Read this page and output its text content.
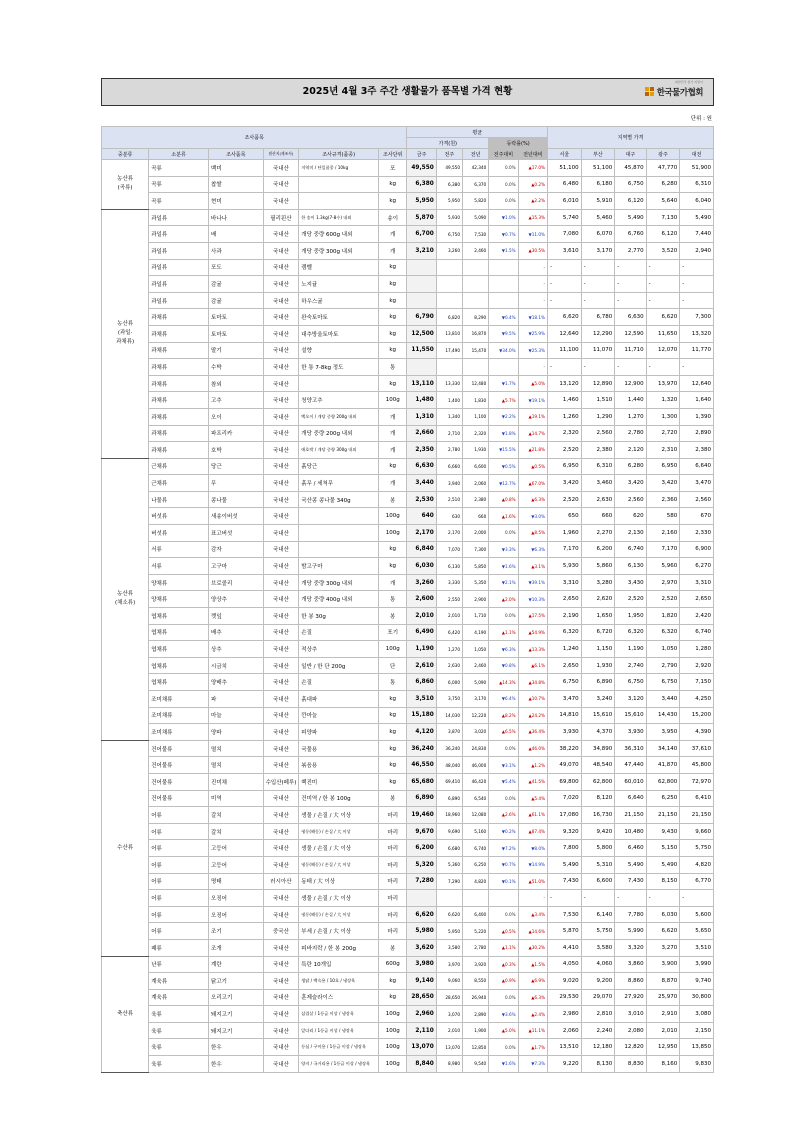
2025년 4월 3주 주간 생활물가 품목별 가격 현황	한국물가협회
대한민국 물가 지킴이
단위 : 원
조사품목						평균					지역별 가격				
						가격(원)			등락률(%)						
중분류	소분류	조사품목	원산지(제조사)	조사규격(품종)	조사단위	금주	전주	전년	전주대비	전년대비	서울	부산	대구	광주	대전
농산류
(곡류)	곡류	백미	국내산	지역미 / 단일품종 / 10kg	포	49,550	49,550	42,340	0.0%	▲17.0%	51,100	51,100	45,870	47,770	51,900
	곡류	찹쌀	국내산		kg	6,380	6,380	6,370	0.0%	▲0.2%	6,480	6,180	6,750	6,280	6,310
	곡류	현미	국내산		kg	5,950	5,950	5,820	0.0%	▲2.2%	6,010	5,910	6,120	5,640	6,040
농산류
(과일·
과채류)	과일류	바나나	필리핀산	한 송이 1.3kg(7-8수) 내외	송이	5,870	5,930	5,090	▼1.0%	▲15.3%	5,740	5,460	5,490	7,130	5,490
	과일류	배	국내산	개당 중량 600g 내외	개	6,700	6,750	7,530	▼0.7%	▼11.0%	7,080	6,070	6,760	6,120	7,440
	과일류	사과	국내산	개당 중량 300g 내외	개	3,210	3,260	2,460	▼1.5%	▲30.5%	3,610	3,170	2,770	3,520	2,940
	과일류	포도	국내산	캠벨	kg					-	-	-	-	-	-
	과일류	감귤	국내산	노지귤	kg					-	-	-	-	-	-
	과일류	감귤	국내산	하우스귤	kg					-	-	-	-	-	-
	과채류	토마토	국내산	완숙토마토	kg	6,790	6,820	8,290	▼0.4%	▼18.1%	6,620	6,780	6,630	6,620	7,300
	과채류	토마토	국내산	대추방울토마토	kg	12,500	13,810	16,870	▼9.5%	▼25.9%	12,640	12,290	12,590	11,650	13,320
	과채류	딸기	국내산	설향	kg	11,550	17,490	15,470	▼34.0%	▼25.3%	11,100	11,070	11,710	12,070	11,770
	과채류	수박	국내산	한 통 7-8kg 정도	통					-	-	-	-	-	-
	과채류	참외	국내산		kg	13,110	13,330	12,480	▼1.7%	▲5.0%	13,120	12,890	12,900	13,970	12,640
	과채류	고추	국내산	청양고추	100g	1,480	1,400	1,830	▲5.7%	▼19.1%	1,460	1,510	1,440	1,320	1,640
	과채류	오이	국내산	백오이 / 개당 중량 200g 내외	개	1,310	1,340	1,100	▼2.2%	▲19.1%	1,260	1,290	1,270	1,300	1,390
	과채류	파프리카	국내산	개당 중량 200g 내외	개	2,660	2,710	2,320	▼1.8%	▲14.7%	2,320	2,560	2,780	2,720	2,890
	과채류	호박	국내산	애호박 / 개당 중량 300g 내외	개	2,350	2,780	1,930	▼15.5%	▲21.8%	2,520	2,380	2,120	2,310	2,380
농산류
(채소류)	근채류	당근	국내산	흙당근	kg	6,630	6,660	6,600	▼0.5%	▲0.5%	6,950	6,310	6,280	6,950	6,640
	근채류	무	국내산	흙무 / 세척무	개	3,440	3,940	2,060	▼12.7%	▲67.0%	3,420	3,460	3,420	3,420	3,470
	나물류	콩나물	국내산	국산콩 콩나물 340g	봉	2,530	2,510	2,380	▲0.8%	▲6.3%	2,520	2,630	2,560	2,360	2,560
	버섯류	새송이버섯	국내산		100g	640	630	660	▲1.6%	▼3.0%	650	660	620	580	670
	버섯류	표고버섯	국내산		100g	2,170	2,170	2,000	0.0%	▲8.5%	1,960	2,270	2,130	2,160	2,330
	서류	감자	국내산		kg	6,840	7,070	7,300	▼3.3%	▼6.3%	7,170	6,200	6,740	7,170	6,900
	서류	고구마	국내산	밤고구마	kg	6,030	6,130	5,850	▼1.6%	▲3.1%	5,930	5,860	6,130	5,960	6,270
	양채류	브로콜리	국내산	개당 중량 300g 내외	개	3,260	3,330	5,350	▼2.1%	▼39.1%	3,310	3,280	3,430	2,970	3,310
	양채류	양상추	국내산	개당 중량 400g 내외	통	2,600	2,550	2,900	▲2.0%	▼10.3%	2,650	2,620	2,520	2,520	2,650
	엽채류	깻잎	국내산	한 봉 30g	봉	2,010	2,010	1,710	0.0%	▲17.5%	2,190	1,650	1,950	1,820	2,420
	엽채류	배추	국내산	손질	포기	6,490	6,420	4,190	▲1.1%	▲54.9%	6,320	6,720	6,320	6,320	6,740
	엽채류	상추	국내산	적상추	100g	1,190	1,270	1,050	▼6.3%	▲13.3%	1,240	1,150	1,190	1,050	1,280
	엽채류	시금치	국내산	일반 / 한 단 200g	단	2,610	2,630	2,460	▼0.8%	▲6.1%	2,650	1,930	2,740	2,790	2,920
	엽채류	양배추	국내산	손질	통	6,860	6,000	5,090	▲14.3%	▲34.8%	6,750	6,890	6,750	6,750	7,150
	조미채류	파	국내산	흙대파	kg	3,510	3,750	3,170	▼6.4%	▲10.7%	3,470	3,240	3,120	3,440	4,250
	조미채류	마늘	국내산	깐마늘	kg	15,180	14,030	12,220	▲8.2%	▲24.2%	14,810	15,610	15,610	14,430	15,200
	조미채류	양파	국내산	피양파	kg	4,120	3,870	3,020	▲6.5%	▲36.4%	3,930	4,370	3,930	3,950	4,390
수산류	건어물류	멸치	국내산	국물용	kg	36,240	36,240	24,830	0.0%	▲46.0%	38,220	34,890	36,310	34,140	37,610
	건어물류	멸치	국내산	볶음용	kg	46,550	48,040	46,000	▼3.1%	▲1.2%	49,070	48,540	47,440	41,870	45,800
	건어물류	진미채	수입산(페루)	백진미	kg	65,680	69,410	46,420	▼5.4%	▲41.5%	69,800	62,800	60,010	62,800	72,970
	건어물류	미역	국내산	건미역 / 한 봉 100g	봉	6,890	6,890	6,540	0.0%	▲5.4%	7,020	8,120	6,640	6,250	6,410
	어류	갈치	국내산	생물 / 손질 / 大 이상	마리	19,460	18,960	12,080	▲2.6%	▲61.1%	17,080	16,730	21,150	21,150	21,150
	어류	갈치	국내산	냉동(해동) / 손질 / 大 이상	마리	9,670	9,690	5,160	▼0.2%	▲87.4%	9,320	9,420	10,480	9,430	9,660
	어류	고등어	국내산	생물 / 손질 / 大 이상	마리	6,200	6,680	6,740	▼7.2%	▼8.0%	7,800	5,800	6,460	5,150	5,750
	어류	고등어	국내산	냉동(해동) / 손질 / 大 이상	마리	5,320	5,360	6,250	▼0.7%	▼14.9%	5,490	5,310	5,490	5,490	4,820
	어류	명태	러시아산	동태 / 大 이상	마리	7,280	7,290	4,820	▼0.1%	▲51.0%	7,430	6,600	7,430	8,150	6,770
	어류	오징어	국내산	생물 / 손질 / 大 이상	마리					-	-	-	-	-	-
	어류	오징어	국내산	냉동(해동) / 손질 / 大 이상	마리	6,620	6,620	6,400	0.0%	▲3.4%	7,530	6,140	7,780	6,030	5,600
	어류	조기	중국산	부세 / 손질 / 大 이상	마리	5,980	5,950	5,220	▲0.5%	▲14.6%	5,870	5,750	5,990	6,620	5,650
	패류	조개	국내산	피바지락 / 한 봉 200g	봉	3,620	3,580	2,780	▲1.1%	▲30.2%	4,410	3,580	3,320	3,270	3,510
축산류	난류	계란	국내산	특란 10개입	600g	3,980	3,970	3,920	▲0.3%	▲1.5%	4,050	4,060	3,860	3,900	3,990
	계육류	닭고기	국내산	생닭 / 백숙용 / 10호 / 냉장육	kg	9,140	9,060	8,550	▲0.9%	▲6.9%	9,020	9,200	8,860	8,870	9,740
	계육류	오리고기	국내산	훈제슬라이스	kg	28,650	28,650	26,940	0.0%	▲6.3%	29,530	29,070	27,920	25,970	30,800
	육류	돼지고기	국내산	삼겹살 / 1등급 이상 / 냉장육	100g	2,960	3,070	2,890	▼3.6%	▲2.4%	2,980	2,810	3,010	2,910	3,080
	육류	돼지고기	국내산	앞다리 / 1등급 이상 / 냉장육	100g	2,110	2,010	1,900	▲5.0%	▲11.1%	2,060	2,240	2,080	2,010	2,150
	육류	한우	국내산	등심 / 구이용 / 1등급 이상 / 냉장육	100g	13,070	13,070	12,850	0.0%	▲1.7%	13,510	12,180	12,820	12,950	13,850
	육류	한우	국내산	양지 / 국거리용 / 1등급 이상 / 냉장육	100g	8,840	8,980	9,540	▼1.6%	▼7.3%	9,220	8,130	8,830	8,160	9,830
